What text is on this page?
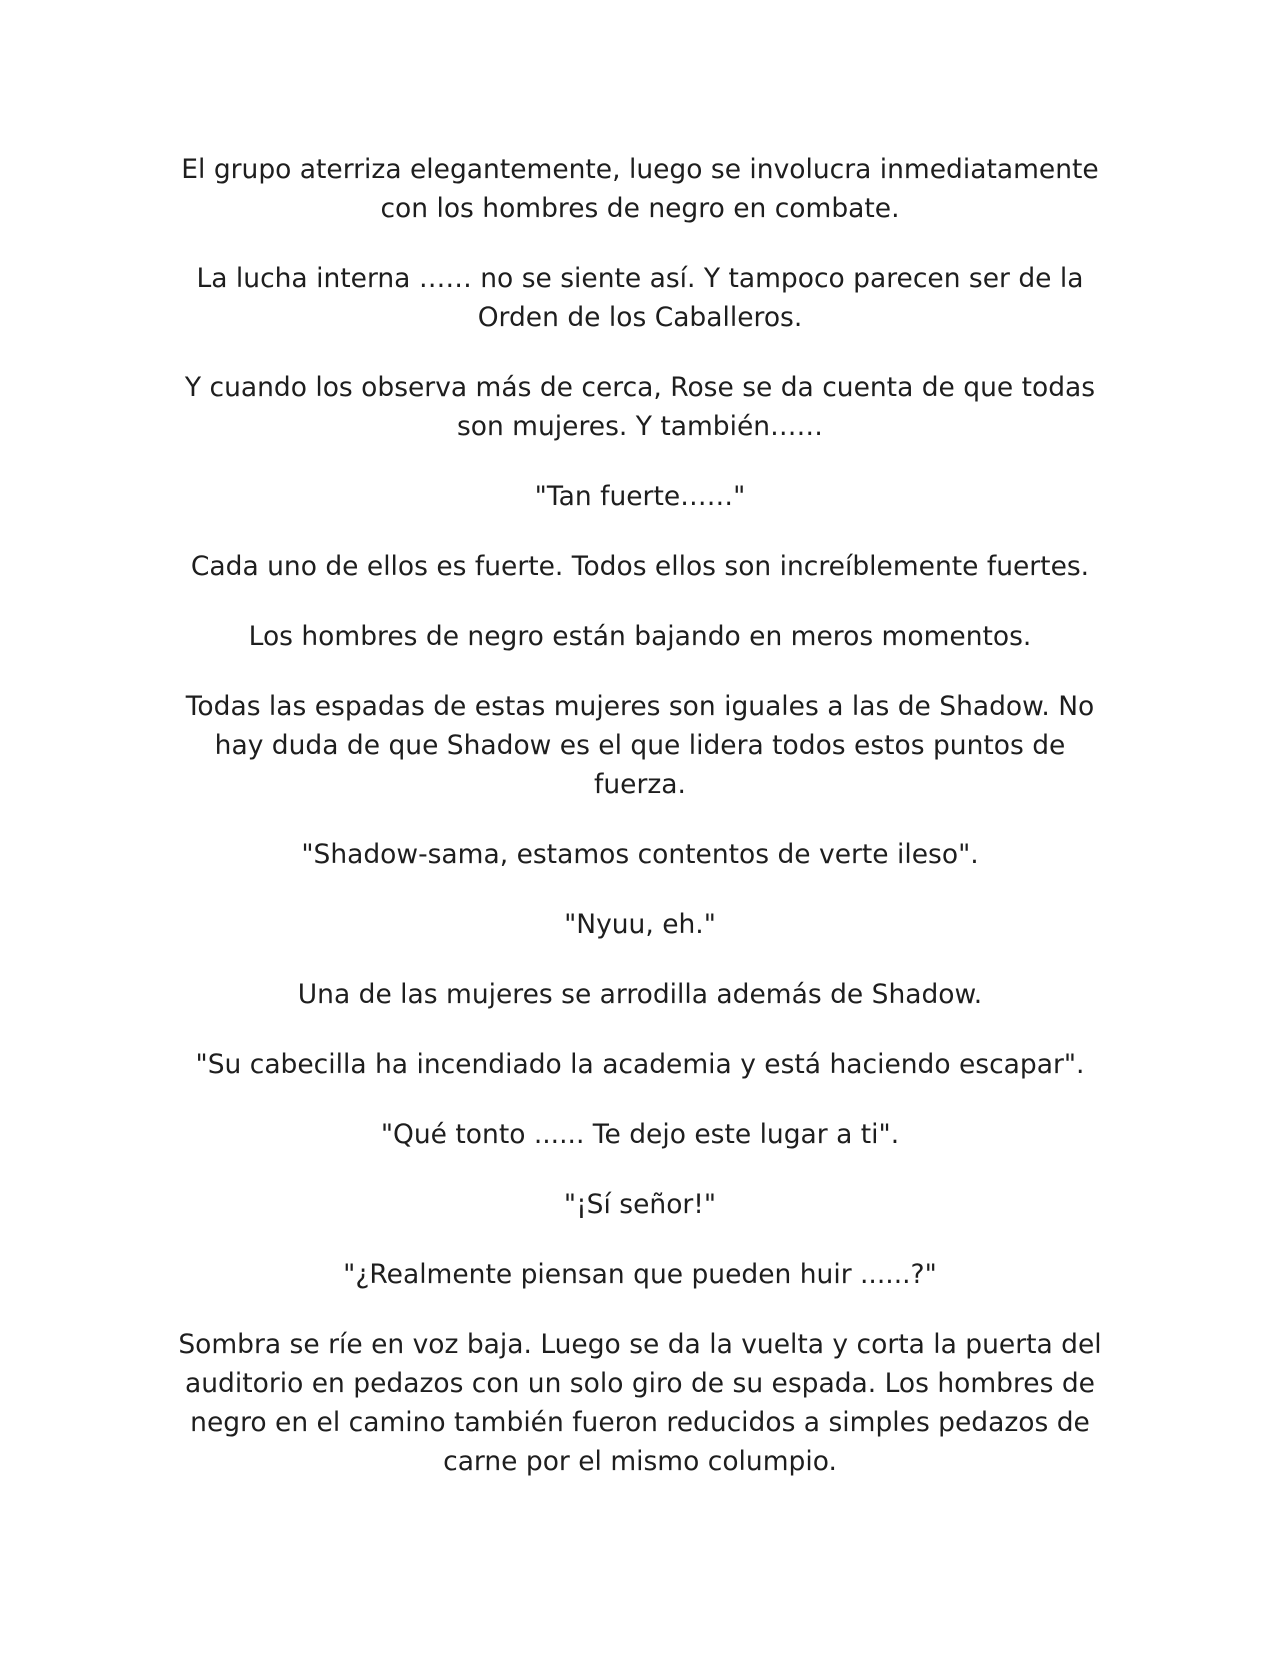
El grupo aterriza elegantemente, luego se involucra inmediatamente con los hombres de negro en combate.

La lucha interna …… no se siente así. Y tampoco parecen ser de la Orden de los Caballeros.

Y cuando los observa más de cerca, Rose se da cuenta de que todas son mujeres. Y también……

"Tan fuerte……"

Cada uno de ellos es fuerte. Todos ellos son increíblemente fuertes.

Los hombres de negro están bajando en meros momentos.

Todas las espadas de estas mujeres son iguales a las de Shadow. No hay duda de que Shadow es el que lidera todos estos puntos de fuerza.

"Shadow-sama, estamos contentos de verte ileso".

"Nyuu, eh."

Una de las mujeres se arrodilla además de Shadow.

"Su cabecilla ha incendiado la academia y está haciendo escapar".

"Qué tonto ...... Te dejo este lugar a ti".

"¡Sí señor!"

"¿Realmente piensan que pueden huir ......?"

Sombra se ríe en voz baja. Luego se da la vuelta y corta la puerta del auditorio en pedazos con un solo giro de su espada. Los hombres de negro en el camino también fueron reducidos a simples pedazos de carne por el mismo columpio.
